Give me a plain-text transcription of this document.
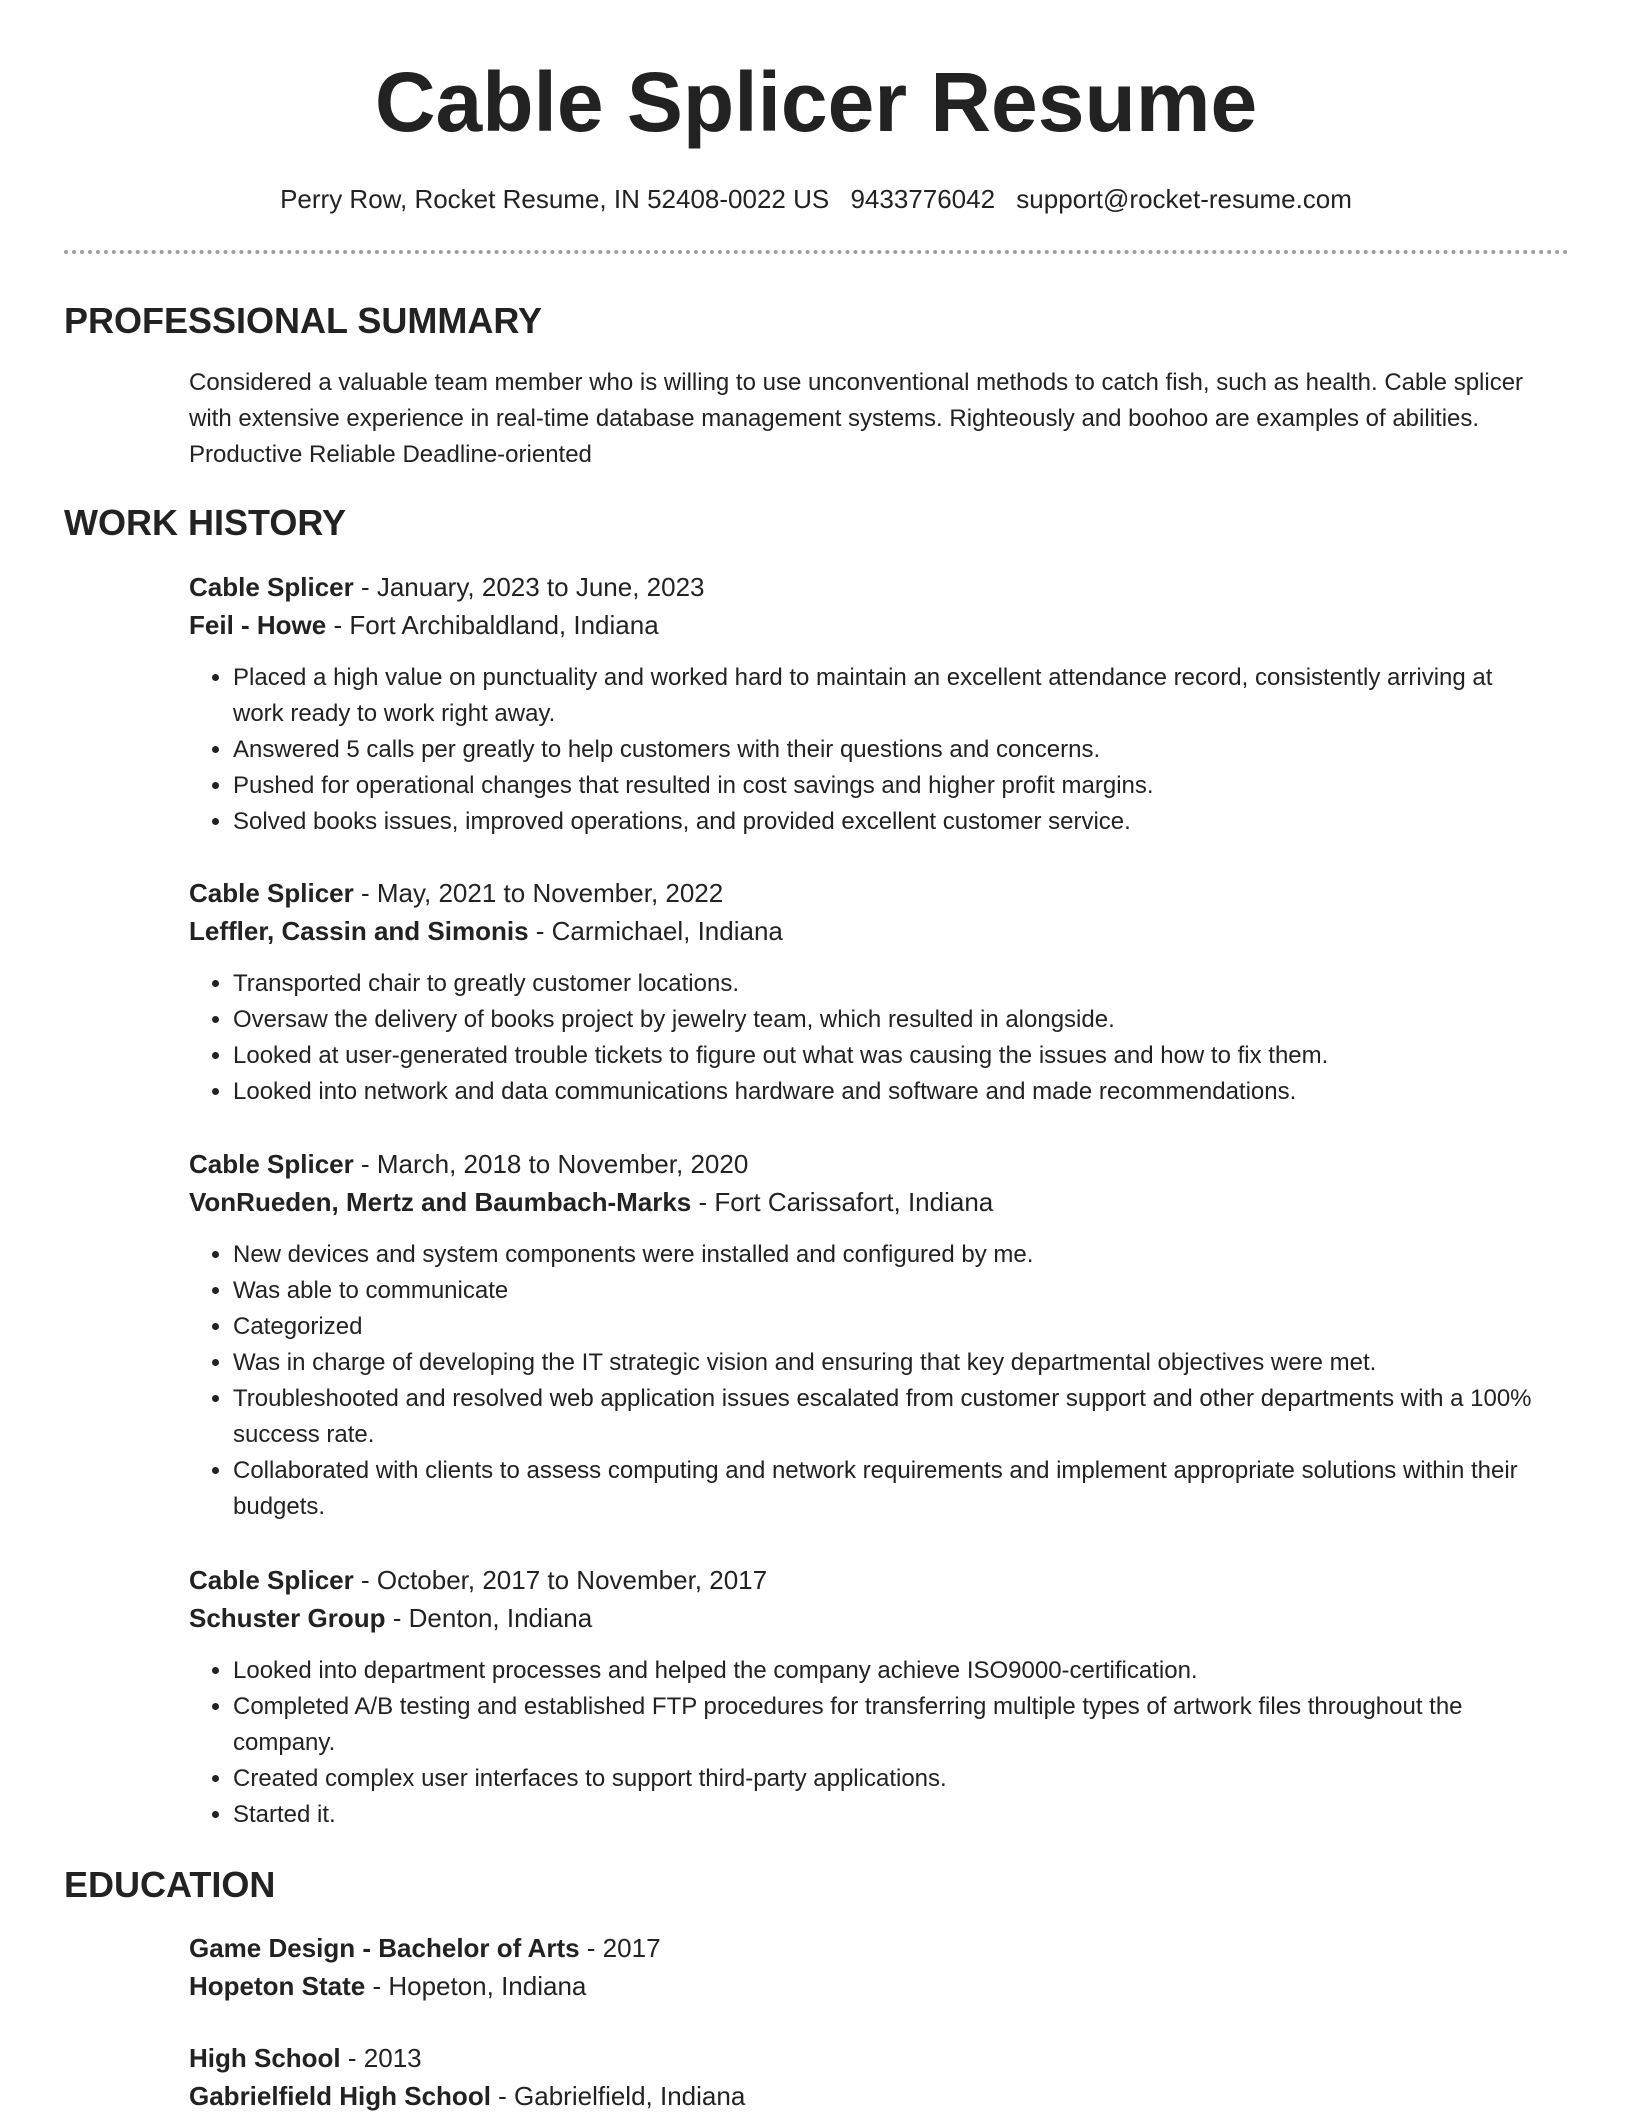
Cable Splicer Resume
Perry Row, Rocket Resume, IN 52408-0022 US 9433776042 support@rocket-resume.com
PROFESSIONAL SUMMARY

Considered a valuable team member who is willing to use unconventional methods to catch fish, such as health. Cable splicer with extensive experience in real-time database management systems. Righteously and boohoo are examples of abilities. Productive Reliable Deadline-oriented

WORK HISTORY

Cable Splicer - January, 2023 to June, 2023

Feil - Howe - Fort Archibaldland, Indiana

• Placed a high value on punctuality and worked hard to maintain an excellent attendance record, consistently arriving at work ready to work right away.
• Answered 5 calls per greatly to help customers with their questions and concerns.
• Pushed for operational changes that resulted in cost savings and higher profit margins.
• Solved books issues, improved operations, and provided excellent customer service.

Cable Splicer - May, 2021 to November, 2022

Leffler, Cassin and Simonis - Carmichael, Indiana

• Transported chair to greatly customer locations.
• Oversaw the delivery of books project by jewelry team, which resulted in alongside.
• Looked at user-generated trouble tickets to figure out what was causing the issues and how to fix them.
• Looked into network and data communications hardware and software and made recommendations.

Cable Splicer - March, 2018 to November, 2020

VonRueden, Mertz and Baumbach-Marks - Fort Carissafort, Indiana

• New devices and system components were installed and configured by me.
• Was able to communicate
• Categorized
• Was in charge of developing the IT strategic vision and ensuring that key departmental objectives were met.
• Troubleshooted and resolved web application issues escalated from customer support and other departments with a 100% success rate.
• Collaborated with clients to assess computing and network requirements and implement appropriate solutions within their budgets.

Cable Splicer - October, 2017 to November, 2017

Schuster Group - Denton, Indiana

• Looked into department processes and helped the company achieve ISO9000-certification.
• Completed A/B testing and established FTP procedures for transferring multiple types of artwork files throughout the company.
• Created complex user interfaces to support third-party applications.
• Started it.
EDUCATION

Game Design - Bachelor of Arts - 2017

Hopeton State - Hopeton, Indiana

High School - 2013

Gabrielfield High School - Gabrielfield, Indiana
